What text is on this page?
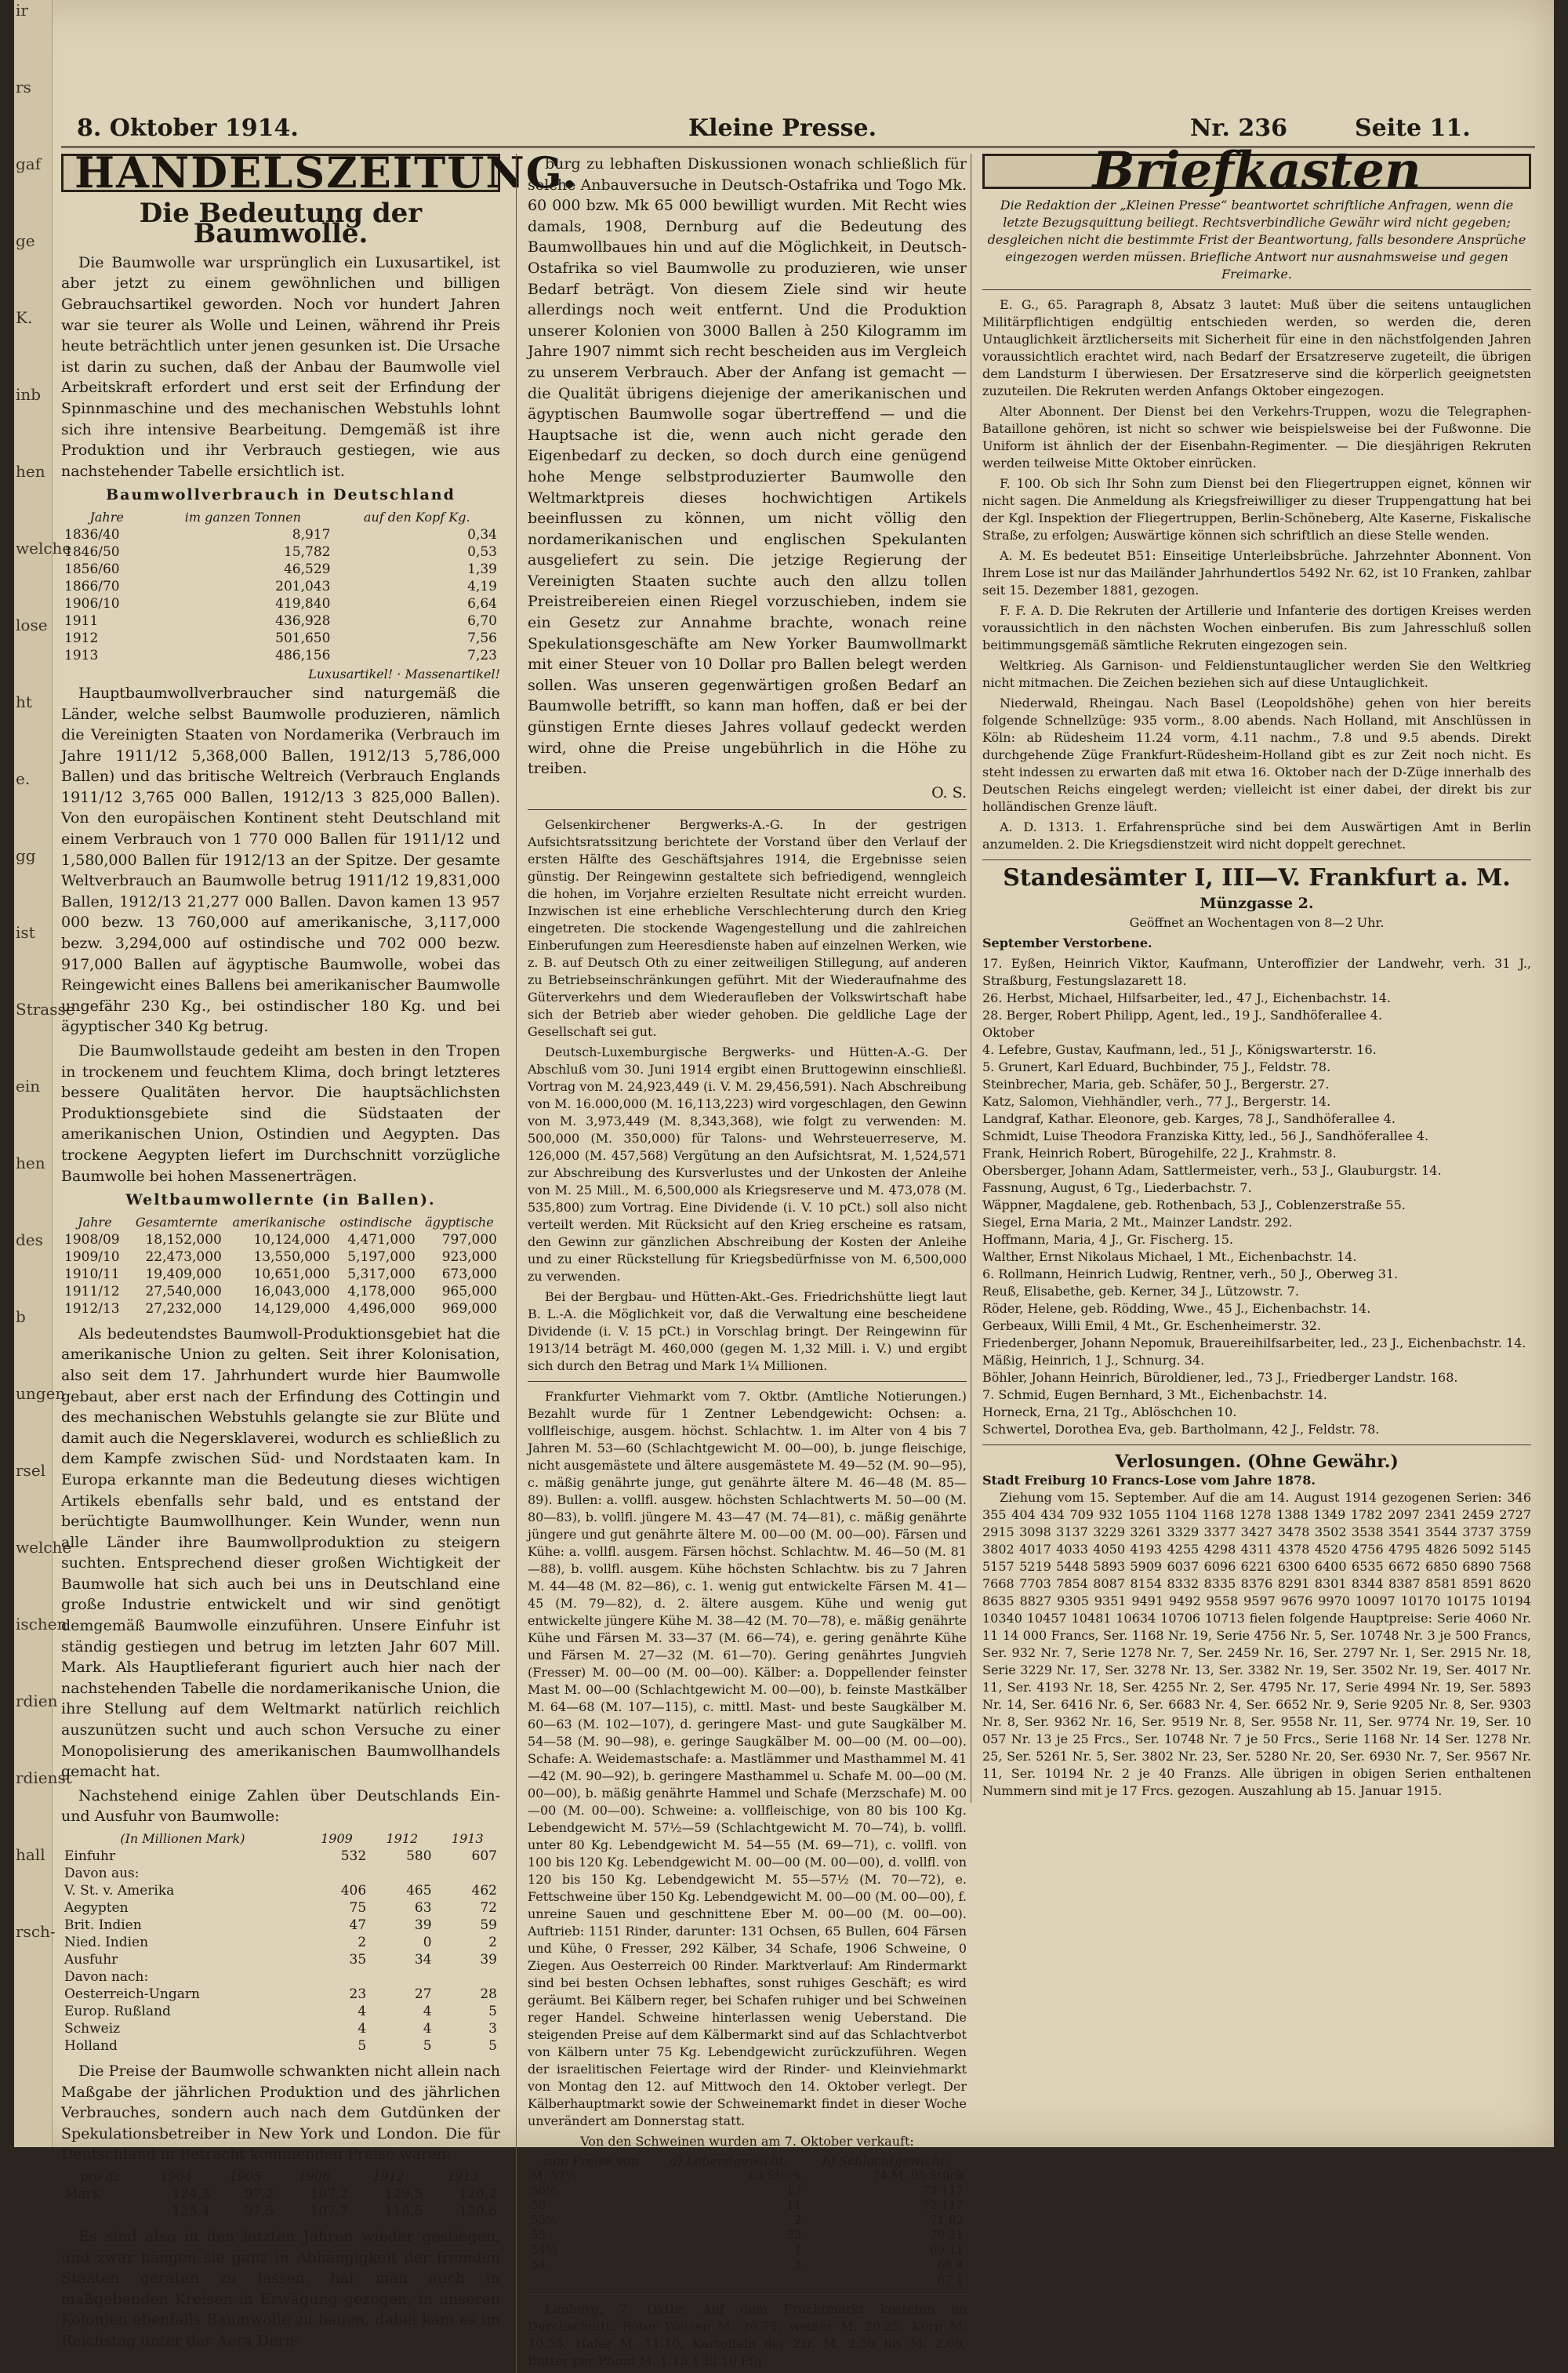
ir
rs
gaf
ge
K.
inb
hen
welche
lose
ht
e.
gg
ist
Strasse
ein
hen
des
b
ungen
rsel
welche
ischen
rdien
rdienst
hall
rsch-
8. Oktober 1914.	Kleine Presse.	Nr. 236	Seite 11.
HANDELSZEITUNG.
Die Bedeutung der Baumwolle.

Die Baumwolle war ursprünglich ein Luxusartikel, ist aber jetzt zu einem gewöhnlichen und billigen Gebrauchsartikel geworden. Noch vor hundert Jahren war sie teurer als Wolle und Leinen, während ihr Preis heute beträchtlich unter jenen gesunken ist. Die Ursache ist darin zu suchen, daß der Anbau der Baumwolle viel Arbeitskraft erfordert und erst seit der Erfindung der Spinnmaschine und des mechanischen Webstuhls lohnt sich ihre intensive Bearbeitung. Demgemäß ist ihre Produktion und ihr Verbrauch gestiegen, wie aus nachstehender Tabelle ersichtlich ist.

Baumwollverbrauch in Deutschland
Jahre	im ganzen Tonnen	auf den Kopf Kg.
1836/40	8,917	0,34
1846/50	15,782	0,53
1856/60	46,529	1,39
1866/70	201,043	4,19
1906/10	419,840	6,64
1911	436,928	6,70
1912	501,650	7,56
1913	486,156	7,23
Luxusartikel! · Massenartikel!

Hauptbaumwollverbraucher sind naturgemäß die Länder, welche selbst Baumwolle produzieren, nämlich die Vereinigten Staaten von Nordamerika (Verbrauch im Jahre 1911/12 5,368,000 Ballen, 1912/13 5,786,000 Ballen) und das britische Weltreich (Verbrauch Englands 1911/12 3,765 000 Ballen, 1912/13 3 825,000 Ballen). Von den europäischen Kontinent steht Deutschland mit einem Verbrauch von 1 770 000 Ballen für 1911/12 und 1,580,000 Ballen für 1912/13 an der Spitze. Der gesamte Weltverbrauch an Baumwolle betrug 1911/12 19,831,000 Ballen, 1912/13 21,277 000 Ballen. Davon kamen 13 957 000 bezw. 13 760,000 auf amerikanische, 3,117,000 bezw. 3,294,000 auf ostindische und 702 000 bezw. 917,000 Ballen auf ägyptische Baumwolle, wobei das Reingewicht eines Ballens bei amerikanischer Baumwolle ungefähr 230 Kg., bei ostindischer 180 Kg. und bei ägyptischer 340 Kg betrug.

Die Baumwollstaude gedeiht am besten in den Tropen in trockenem und feuchtem Klima, doch bringt letzteres bessere Qualitäten hervor. Die hauptsächlichsten Produktionsgebiete sind die Südstaaten der amerikanischen Union, Ostindien und Aegypten. Das trockene Aegypten liefert im Durchschnitt vorzügliche Baumwolle bei hohen Massenerträgen.

Weltbaumwollernte (in Ballen).
Jahre	Gesamternte	amerikanische	ostindische	ägyptische
1908/09	18,152,000	10,124,000	4,471,000	797,000
1909/10	22,473,000	13,550,000	5,197,000	923,000
1910/11	19,409,000	10,651,000	5,317,000	673,000
1911/12	27,540,000	16,043,000	4,178,000	965,000
1912/13	27,232,000	14,129,000	4,496,000	969,000

Als bedeutendstes Baumwoll-Produktionsgebiet hat die amerikanische Union zu gelten. Seit ihrer Kolonisation, also seit dem 17. Jahrhundert wurde hier Baumwolle gebaut, aber erst nach der Erfindung des Cottingin und des mechanischen Webstuhls gelangte sie zur Blüte und damit auch die Negersklaverei, wodurch es schließlich zu dem Kampfe zwischen Süd- und Nordstaaten kam. In Europa erkannte man die Bedeutung dieses wichtigen Artikels ebenfalls sehr bald, und es entstand der berüchtigte Baumwollhunger. Kein Wunder, wenn nun alle Länder ihre Baumwollproduktion zu steigern suchten. Entsprechend dieser großen Wichtigkeit der Baumwolle hat sich auch bei uns in Deutschland eine große Industrie entwickelt und wir sind genötigt demgemäß Baumwolle einzuführen. Unsere Einfuhr ist ständig gestiegen und betrug im letzten Jahr 607 Mill. Mark. Als Hauptlieferant figuriert auch hier nach der nachstehenden Tabelle die nordamerikanische Union, die ihre Stellung auf dem Weltmarkt natürlich reichlich auszunützen sucht und auch schon Versuche zu einer Monopolisierung des amerikanischen Baumwollhandels gemacht hat.

Nachstehend einige Zahlen über Deutschlands Ein- und Ausfuhr von Baumwolle:

(In Millionen Mark)	1909	1912	1913
Einfuhr	532	580	607
Davon aus:			
V. St. v. Amerika	406	465	462
Aegypten	75	63	72
Brit. Indien	47	39	59
Nied. Indien	2	0	2
Ausfuhr	35	34	39
Davon nach:			
Oesterreich-Ungarn	23	27	28
Europ. Rußland	4	4	5
Schweiz	4	4	3
Holland	5	5	5

Die Preise der Baumwolle schwankten nicht allein nach Maßgabe der jährlichen Produktion und des jährlichen Verbrauches, sondern auch nach dem Gutdünken der Spekulationsbetreiber in New York und London. Die für Deutschland in Betracht kommenden Preise waren:

pro dz	1904	1905	1908	1912	1913
Mark	124,3	97,2	107,2	129,5	120,2
	125,4	97,5	107,7	118,5	130,6

Es sind also in den letzten Jahren wieder gestiegen, und zwar hängen sie ganz in Abhängigkeit der fremden Staaten geraten zu lassen, hat man auch in maßgebenden Kreisen in Erwägung gezogen, in unseren Kolonien ebenfalls Baumwolle zu bauen, dabei kam es im Reichstag unter der Aera Dern-

burg zu lebhaften Diskussionen wonach schließlich für solche Anbauversuche in Deutsch-Ostafrika und Togo Mk. 60 000 bzw. Mk 65 000 bewilligt wurden. Mit Recht wies damals, 1908, Dernburg auf die Bedeutung des Baumwollbaues hin und auf die Möglichkeit, in Deutsch-Ostafrika so viel Baumwolle zu produzieren, wie unser Bedarf beträgt. Von diesem Ziele sind wir heute allerdings noch weit entfernt. Und die Produktion unserer Kolonien von 3000 Ballen à 250 Kilogramm im Jahre 1907 nimmt sich recht bescheiden aus im Vergleich zu unserem Verbrauch. Aber der Anfang ist gemacht — die Qualität übrigens diejenige der amerikanischen und ägyptischen Baumwolle sogar übertreffend — und die Hauptsache ist die, wenn auch nicht gerade den Eigenbedarf zu decken, so doch durch eine genügend hohe Menge selbstproduzierter Baumwolle den Weltmarktpreis dieses hochwichtigen Artikels beeinflussen zu können, um nicht völlig den nordamerikanischen und englischen Spekulanten ausgeliefert zu sein. Die jetzige Regierung der Vereinigten Staaten suchte auch den allzu tollen Preistreibereien einen Riegel vorzuschieben, indem sie ein Gesetz zur Annahme brachte, wonach reine Spekulationsgeschäfte am New Yorker Baumwollmarkt mit einer Steuer von 10 Dollar pro Ballen belegt werden sollen. Was unseren gegenwärtigen großen Bedarf an Baumwolle betrifft, so kann man hoffen, daß er bei der günstigen Ernte dieses Jahres vollauf gedeckt werden wird, ohne die Preise ungebührlich in die Höhe zu treiben.

O. S.

Gelsenkirchener Bergwerks-A.-G. In der gestrigen Aufsichtsratssitzung berichtete der Vorstand über den Verlauf der ersten Hälfte des Geschäftsjahres 1914, die Ergebnisse seien günstig. Der Reingewinn gestaltete sich befriedigend, wenngleich die hohen, im Vorjahre erzielten Resultate nicht erreicht wurden. Inzwischen ist eine erhebliche Verschlechterung durch den Krieg eingetreten. Die stockende Wagengestellung und die zahlreichen Einberufungen zum Heeresdienste haben auf einzelnen Werken, wie z. B. auf Deutsch Oth zu einer zeitweiligen Stillegung, auf anderen zu Betriebseinschränkungen geführt. Mit der Wiederaufnahme des Güterverkehrs und dem Wiederaufleben der Volkswirtschaft habe sich der Betrieb aber wieder gehoben. Die geldliche Lage der Gesellschaft sei gut.

Deutsch-Luxemburgische Bergwerks- und Hütten-A.-G. Der Abschluß vom 30. Juni 1914 ergibt einen Bruttogewinn einschließl. Vortrag von M. 24,923,449 (i. V. M. 29,456,591). Nach Abschreibung von M. 16.000,000 (M. 16,113,223) wird vorgeschlagen, den Gewinn von M. 3,973,449 (M. 8,343,368), wie folgt zu verwenden: M. 500,000 (M. 350,000) für Talons- und Wehrsteuerreserve, M. 126,000 (M. 457,568) Vergütung an den Aufsichtsrat, M. 1,524,571 zur Abschreibung des Kursverlustes und der Unkosten der Anleihe von M. 25 Mill., M. 6,500,000 als Kriegsreserve und M. 473,078 (M. 535,800) zum Vortrag. Eine Dividende (i. V. 10 pCt.) soll also nicht verteilt werden. Mit Rücksicht auf den Krieg erscheine es ratsam, den Gewinn zur gänzlichen Abschreibung der Kosten der Anleihe und zu einer Rückstellung für Kriegsbedürfnisse von M. 6,500,000 zu verwenden.

Bei der Bergbau- und Hütten-Akt.-Ges. Friedrichshütte liegt laut B. L.-A. die Möglichkeit vor, daß die Verwaltung eine bescheidene Dividende (i. V. 15 pCt.) in Vorschlag bringt. Der Reingewinn für 1913/14 beträgt M. 460,000 (gegen M. 1,32 Mill. i. V.) und ergibt sich durch den Betrag und Mark 1¼ Millionen.

Frankfurter Viehmarkt vom 7. Oktbr. (Amtliche Notierungen.) Bezahlt wurde für 1 Zentner Lebendgewicht: Ochsen: a. vollfleischige, ausgem. höchst. Schlachtw. 1. im Alter von 4 bis 7 Jahren M. 53—60 (Schlachtgewicht M. 00—00), b. junge fleischige, nicht ausgemästete und ältere ausgemästete M. 49—52 (M. 90—95), c. mäßig genährte junge, gut genährte ältere M. 46—48 (M. 85—89). Bullen: a. vollfl. ausgew. höchsten Schlachtwerts M. 50—00 (M. 80—83), b. vollfl. jüngere M. 43—47 (M. 74—81), c. mäßig genährte jüngere und gut genährte ältere M. 00—00 (M. 00—00). Färsen und Kühe: a. vollfl. ausgem. Färsen höchst. Schlachtw. M. 46—50 (M. 81—88), b. vollfl. ausgem. Kühe höchsten Schlachtw. bis zu 7 Jahren M. 44—48 (M. 82—86), c. 1. wenig gut entwickelte Färsen M. 41—45 (M. 79—82), d. 2. ältere ausgem. Kühe und wenig gut entwickelte jüngere Kühe M. 38—42 (M. 70—78), e. mäßig genährte Kühe und Färsen M. 33—37 (M. 66—74), e. gering genährte Kühe und Färsen M. 27—32 (M. 61—70). Gering genährtes Jungvieh (Fresser) M. 00—00 (M. 00—00). Kälber: a. Doppellender feinster Mast M. 00—00 (Schlachtgewicht M. 00—00), b. feinste Mastkälber M. 64—68 (M. 107—115), c. mittl. Mast- und beste Saugkälber M. 60—63 (M. 102—107), d. geringere Mast- und gute Saugkälber M. 54—58 (M. 90—98), e. geringe Saugkälber M. 00—00 (M. 00—00). Schafe: A. Weidemastschafe: a. Mastlämmer und Masthammel M. 41—42 (M. 90—92), b. geringere Masthammel u. Schafe M. 00—00 (M. 00—00), b. mäßig genährte Hammel und Schafe (Merzschafe) M. 00—00 (M. 00—00). Schweine: a. vollfleischige, von 80 bis 100 Kg. Lebendgewicht M. 57½—59 (Schlachtgewicht M. 70—74), b. vollfl. unter 80 Kg. Lebendgewicht M. 54—55 (M. 69—71), c. vollfl. von 100 bis 120 Kg. Lebendgewicht M. 00—00 (M. 00—00), d. vollfl. von 120 bis 150 Kg. Lebendgewicht M. 55—57½ (M. 70—72), e. Fettschweine über 150 Kg. Lebendgewicht M. 00—00 (M. 00—00), f. unreine Sauen und geschnittene Eber M. 00—00 (M. 00—00). Auftrieb: 1151 Rinder, darunter: 131 Ochsen, 65 Bullen, 604 Färsen und Kühe, 0 Fresser, 292 Kälber, 34 Schafe, 1906 Schweine, 0 Ziegen. Aus Oesterreich 00 Rinder. Marktverlauf: Am Rindermarkt sind bei besten Ochsen lebhaftes, sonst ruhiges Geschäft; es wird geräumt. Bei Kälbern reger, bei Schafen ruhiger und bei Schweinen reger Handel. Schweine hinterlassen wenig Ueberstand. Die steigenden Preise auf dem Kälbermarkt sind auf das Schlachtverbot von Kälbern unter 75 Kg. Lebendgewicht zurückzuführen. Wegen der israelitischen Feiertage wird der Rinder- und Kleinviehmarkt von Montag den 12. auf Mittwoch den 14. Oktober verlegt. Der Kälberhauptmarkt sowie der Schweinemarkt findet in dieser Woche unverändert am Donnerstag statt.

Von den Schweinen wurden am 7. Oktober verkauft:
zum Preise von	a) Lebendgewicht:	b) Schlachtgewicht:
M. 57½	63 Stück	74 M. 95 Stück
56½	13	73 117
56	11	72 117
55½	2	71 82
55	23	70 21
54½	1	69 11
54	3	68 4
		67 1

Limburg, 7. Oktbr. Auf dem Fruchtmarkt kosteten im Durchschnitt: Roter Weizen M. 20.75, weißer M. 20.25, Korn M. 10.55, Hafer M. 11.10, Kartoffeln der Ztr. M. 2.50 bis M. 2.60, Butter per Pfund M. 1.15 1 Ei 10 Pfg.

Briefkasten

Die Redaktion der „Kleinen Presse“ beantwortet schriftliche Anfragen, wenn die letzte Bezugsquittung beiliegt. Rechtsverbindliche Gewähr wird nicht gegeben; desgleichen nicht die bestimmte Frist der Beantwortung, falls besondere Ansprüche eingezogen werden müssen. Briefliche Antwort nur ausnahmsweise und gegen Freimarke.

E. G., 65. Paragraph 8, Absatz 3 lautet: Muß über die seitens untauglichen Militärpflichtigen endgültig entschieden werden, so werden die, deren Untauglichkeit ärztlicherseits mit Sicherheit für eine in den nächstfolgenden Jahren voraussichtlich erachtet wird, nach Bedarf der Ersatzreserve zugeteilt, die übrigen dem Landsturm I überwiesen. Der Ersatzreserve sind die körperlich geeignetsten zuzuteilen. Die Rekruten werden Anfangs Oktober eingezogen.

Alter Abonnent. Der Dienst bei den Verkehrs-Truppen, wozu die Telegraphen-Bataillone gehören, ist nicht so schwer wie beispielsweise bei der Fußwonne. Die Uniform ist ähnlich der der Eisenbahn-Regimenter. — Die diesjährigen Rekruten werden teilweise Mitte Oktober einrücken.

F. 100. Ob sich Ihr Sohn zum Dienst bei den Fliegertruppen eignet, können wir nicht sagen. Die Anmeldung als Kriegsfreiwilliger zu dieser Truppengattung hat bei der Kgl. Inspektion der Fliegertruppen, Berlin-Schöneberg, Alte Kaserne, Fiskalische Straße, zu erfolgen; Auswärtige können sich schriftlich an diese Stelle wenden.

A. M. Es bedeutet B51: Einseitige Unterleibsbrüche. Jahrzehnter Abonnent. Von Ihrem Lose ist nur das Mailänder Jahrhundertlos 5492 Nr. 62, ist 10 Franken, zahlbar seit 15. Dezember 1881, gezogen.

F. F. A. D. Die Rekruten der Artillerie und Infanterie des dortigen Kreises werden voraussichtlich in den nächsten Wochen einberufen. Bis zum Jahresschluß sollen beitimmungsgemäß sämtliche Rekruten eingezogen sein.

Weltkrieg. Als Garnison- und Feldienstuntauglicher werden Sie den Weltkrieg nicht mitmachen. Die Zeichen beziehen sich auf diese Untauglichkeit.

Niederwald, Rheingau. Nach Basel (Leopoldshöhe) gehen von hier bereits folgende Schnellzüge: 935 vorm., 8.00 abends. Nach Holland, mit Anschlüssen in Köln: ab Rüdesheim 11.24 vorm, 4.11 nachm., 7.8 und 9.5 abends. Direkt durchgehende Züge Frankfurt-Rüdesheim-Holland gibt es zur Zeit noch nicht. Es steht indessen zu erwarten daß mit etwa 16. Oktober nach der D-Züge innerhalb des Deutschen Reichs eingelegt werden; vielleicht ist einer dabei, der direkt bis zur holländischen Grenze läuft.

A. D. 1313. 1. Erfahrensprüche sind bei dem Auswärtigen Amt in Berlin anzumelden. 2. Die Kriegsdienstzeit wird nicht doppelt gerechnet.

Standesämter I, III—V. Frankfurt a. M.
Münzgasse 2.
Geöffnet an Wochentagen von 8—2 Uhr.
September Verstorbene.

17. Eyßen, Heinrich Viktor, Kaufmann, Unteroffizier der Landwehr, verh. 31 J., Straßburg, Festungslazarett 18.

26. Herbst, Michael, Hilfsarbeiter, led., 47 J., Eichenbachstr. 14.

28. Berger, Robert Philipp, Agent, led., 19 J., Sandhöferallee 4.

Oktober

4. Lefebre, Gustav, Kaufmann, led., 51 J., Königswarterstr. 16.

5. Grunert, Karl Eduard, Buchbinder, 75 J., Feldstr. 78.

Steinbrecher, Maria, geb. Schäfer, 50 J., Bergerstr. 27.

Katz, Salomon, Viehhändler, verh., 77 J., Bergerstr. 14.

Landgraf, Kathar. Eleonore, geb. Karges, 78 J., Sandhöferallee 4.

Schmidt, Luise Theodora Franziska Kitty, led., 56 J., Sandhöferallee 4.

Frank, Heinrich Robert, Bürogehilfe, 22 J., Krahmstr. 8.

Obersberger, Johann Adam, Sattlermeister, verh., 53 J., Glauburgstr. 14.

Fassnung, August, 6 Tg., Liederbachstr. 7.

Wäppner, Magdalene, geb. Rothenbach, 53 J., Coblenzerstraße 55.

Siegel, Erna Maria, 2 Mt., Mainzer Landstr. 292.

Hoffmann, Maria, 4 J., Gr. Fischerg. 15.

Walther, Ernst Nikolaus Michael, 1 Mt., Eichenbachstr. 14.

6. Rollmann, Heinrich Ludwig, Rentner, verh., 50 J., Oberweg 31.

Reuß, Elisabethe, geb. Kerner, 34 J., Lützowstr. 7.

Röder, Helene, geb. Rödding, Wwe., 45 J., Eichenbachstr. 14.

Gerbeaux, Willi Emil, 4 Mt., Gr. Eschenheimerstr. 32.

Friedenberger, Johann Nepomuk, Brauereihilfsarbeiter, led., 23 J., Eichenbachstr. 14.

Mäßig, Heinrich, 1 J., Schnurg. 34.

Böhler, Johann Heinrich, Büroldiener, led., 73 J., Friedberger Landstr. 168.

7. Schmid, Eugen Bernhard, 3 Mt., Eichenbachstr. 14.

Horneck, Erna, 21 Tg., Ablöschchen 10.

Schwertel, Dorothea Eva, geb. Bartholmann, 42 J., Feldstr. 78.

Verlosungen. (Ohne Gewähr.)
Stadt Freiburg 10 Francs-Lose vom Jahre 1878.

Ziehung vom 15. September. Auf die am 14. August 1914 gezogenen Serien: 346 355 404 434 709 932 1055 1104 1168 1278 1388 1349 1782 2097 2341 2459 2727 2915 3098 3137 3229 3261 3329 3377 3427 3478 3502 3538 3541 3544 3737 3759 3802 4017 4033 4050 4193 4255 4298 4311 4378 4520 4756 4795 4826 5092 5145 5157 5219 5448 5893 5909 6037 6096 6221 6300 6400 6535 6672 6850 6890 7568 7668 7703 7854 8087 8154 8332 8335 8376 8291 8301 8344 8387 8581 8591 8620 8635 8827 9305 9351 9491 9492 9558 9597 9676 9970 10097 10170 10175 10194 10340 10457 10481 10634 10706 10713 fielen folgende Hauptpreise: Serie 4060 Nr. 11 14 000 Francs, Ser. 1168 Nr. 19, Serie 4756 Nr. 5, Ser. 10748 Nr. 3 je 500 Francs, Ser. 932 Nr. 7, Serie 1278 Nr. 7, Ser. 2459 Nr. 16, Ser. 2797 Nr. 1, Ser. 2915 Nr. 18, Serie 3229 Nr. 17, Ser. 3278 Nr. 13, Ser. 3382 Nr. 19, Ser. 3502 Nr. 19, Ser. 4017 Nr. 11, Ser. 4193 Nr. 18, Ser. 4255 Nr. 2, Ser. 4795 Nr. 17, Serie 4994 Nr. 19, Ser. 5893 Nr. 14, Ser. 6416 Nr. 6, Ser. 6683 Nr. 4, Ser. 6652 Nr. 9, Serie 9205 Nr. 8, Ser. 9303 Nr. 8, Ser. 9362 Nr. 16, Ser. 9519 Nr. 8, Ser. 9558 Nr. 11, Ser. 9774 Nr. 19, Ser. 10 057 Nr. 13 je 25 Frcs., Ser. 10748 Nr. 7 je 50 Frcs., Serie 1168 Nr. 14 Ser. 1278 Nr. 25, Ser. 5261 Nr. 5, Ser. 3802 Nr. 23, Ser. 5280 Nr. 20, Ser. 6930 Nr. 7, Ser. 9567 Nr. 11, Ser. 10194 Nr. 2 je 40 Franzs. Alle übrigen in obigen Serien enthaltenen Nummern sind mit je 17 Frcs. gezogen. Auszahlung ab 15. Januar 1915.
